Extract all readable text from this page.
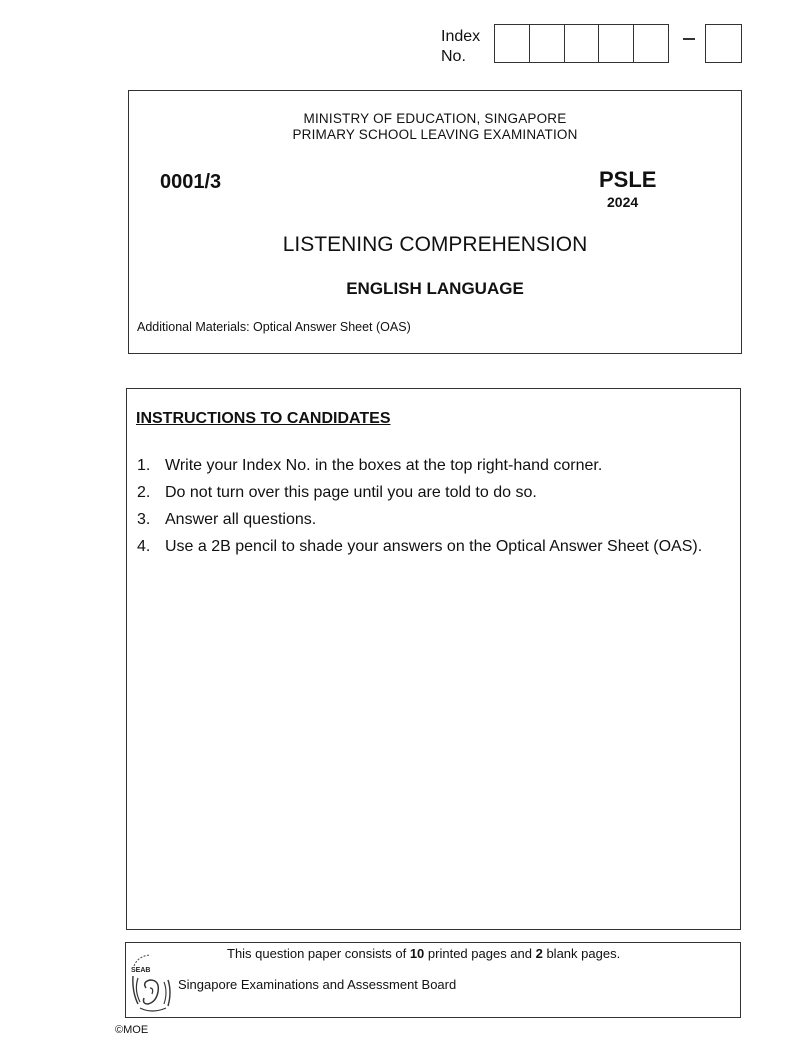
Index
No.
MINISTRY OF EDUCATION, SINGAPORE
PRIMARY SCHOOL LEAVING EXAMINATION
0001/3	PSLE
2024
LISTENING COMPREHENSION
ENGLISH LANGUAGE
Additional Materials: Optical Answer Sheet (OAS)
INSTRUCTIONS TO CANDIDATES
1. Write your Index No. in the boxes at the top right-hand corner.
2. Do not turn over this page until you are told to do so.
3. Answer all questions.
4. Use a 2B pencil to shade your answers on the Optical Answer Sheet (OAS).
This question paper consists of 10 printed pages and 2 blank pages.
SEAB
Singapore Examinations and Assessment Board
©MOE
